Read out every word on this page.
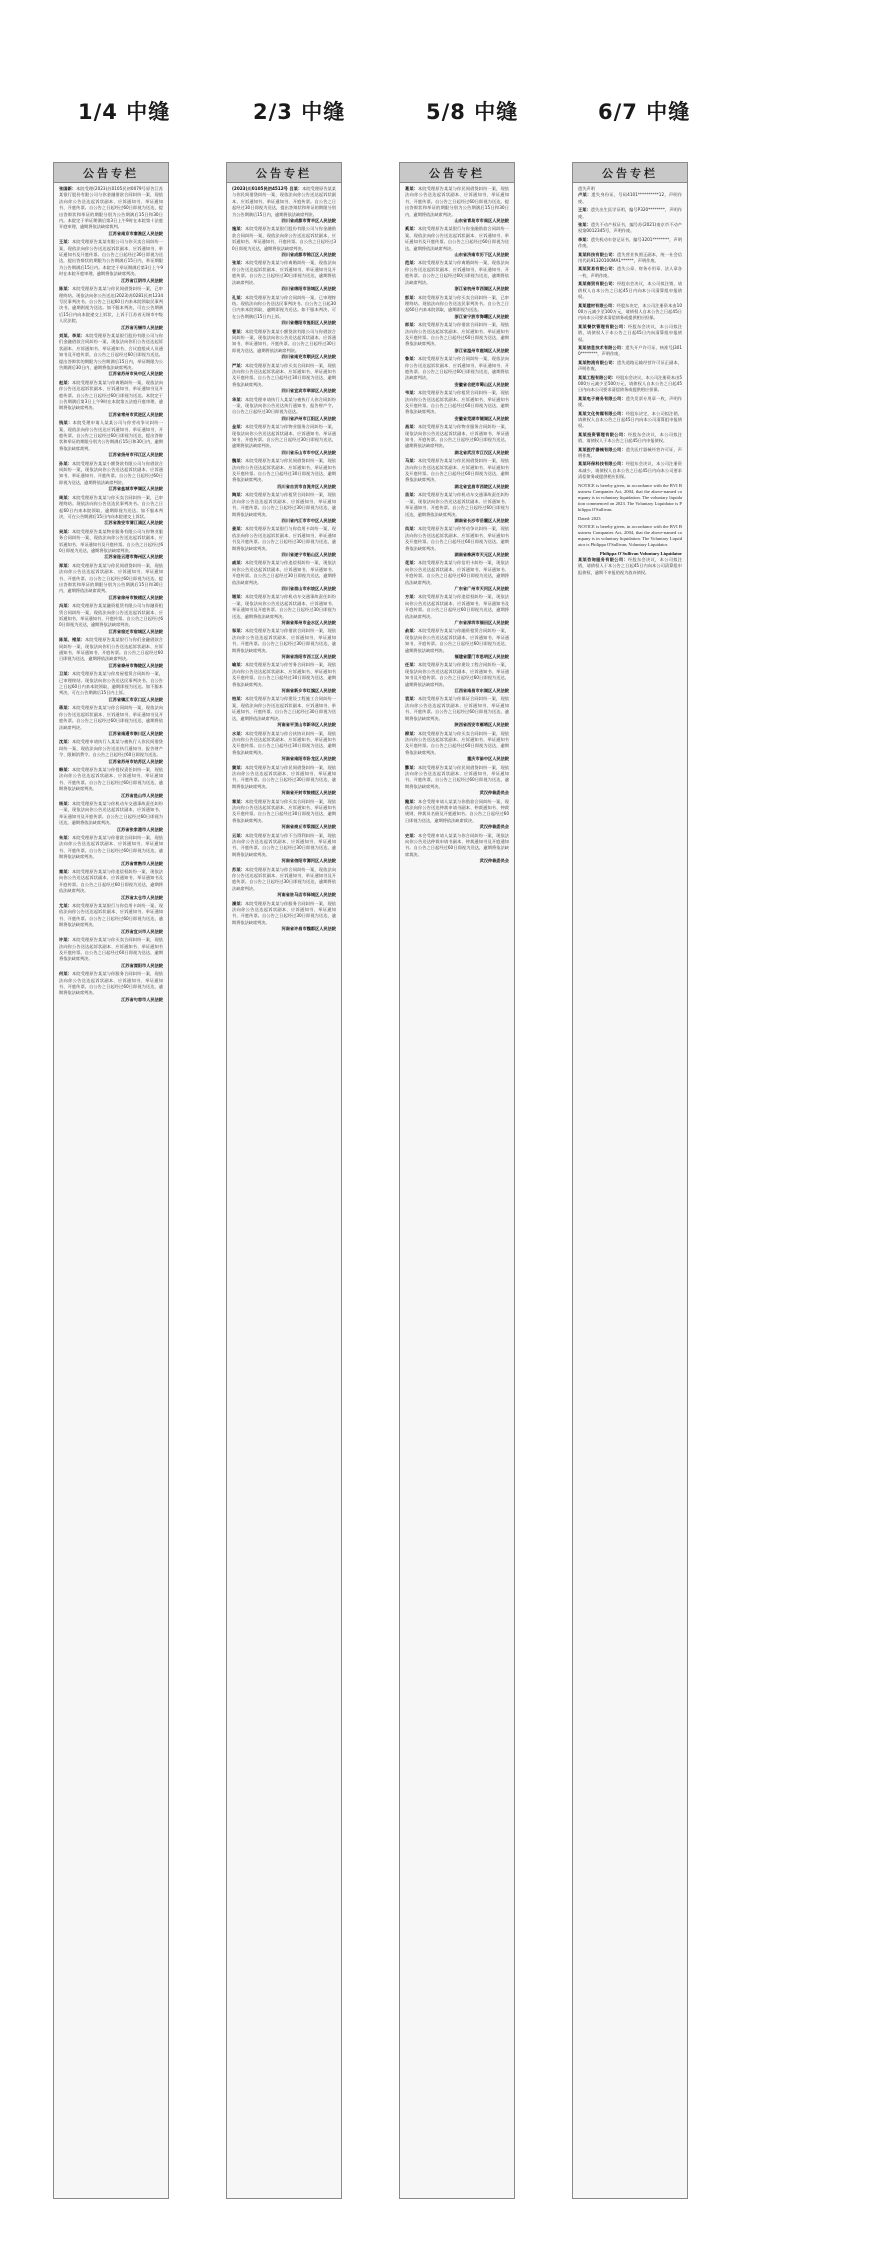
1/4 中缝	2/3 中缝	5/8 中缝	6/7 中缝
公告专栏
张国新：本院受理(2023)苏0105民初0079号原告江苏某银行股份有限公司与你金融借款合同纠纷一案，现依法向你公告送达起诉状副本、应诉通知书、举证通知书、开庭传票。自公告之日起经过60日即视为送达，提出答辩状和举证的期限分别为公告期满后15日和30日内。本院定于举证期满后第3日上午9时在本院第十法庭开庭审理，逾期将依法缺席裁判。
江苏省南京市秦淮区人民法院
王某：本院受理原告某某有限公司与你买卖合同纠纷一案，现依法向你公告送达起诉状副本、应诉通知书、举证通知书及开庭传票。自公告之日起经过30日即视为送达，提出答辩状的期限为公告期满后15日内，举证期限为公告期满后15日内。本院定于举证期满后第3日上午9时在本院开庭审理，逾期将依法缺席判决。
江苏省江阴市人民法院
陈某：本院受理原告某某与你民间借贷纠纷一案，已审理终结。现依法向你公告送达(2023)苏0281民初1234号民事判决书。自公告之日起60日内来本院领取民事判决书，逾期则视为送达。如不服本判决，可在公告期满后15日内向本院递交上诉状，上诉于江苏省无锡市中级人民法院。
江苏省无锡市人民法院
刘某、李某：本院受理原告某某银行股份有限公司与你们金融借款合同纠纷一案，现依法向你们公告送达起诉状副本、应诉通知书、举证通知书、合议庭组成人员通知书及开庭传票。自公告之日起经过60日即视为送达。提出答辩状的期限为公告期满后15日内，举证期限为公告期满后30日内，逾期将依法缺席判决。
江苏省苏州市吴中区人民法院
赵某：本院受理原告某某与你离婚纠纷一案，现依法向你公告送达起诉状副本、应诉通知书、举证通知书及开庭传票。自公告之日起经过60日即视为送达。本院定于公告期满后第3日上午9时在本院第五法庭开庭审理，逾期将依法缺席判决。
江苏省常州市武进区人民法院
钱某：本院受理申请人某某公司与你劳动争议纠纷一案，现依法向你公告送达应诉通知书、举证通知书、开庭传票。自公告之日起经过60日即视为送达，提出答辩状和举证的期限分别为公告期满后15日和30日内，逾期将依法缺席裁判。
江苏省扬州市邗江区人民法院
孙某：本院受理原告某某小额贷款有限公司与你借款合同纠纷一案，现依法向你公告送达起诉状副本、应诉通知书、举证通知书、开庭传票。自公告之日起经过60日即视为送达，逾期将依法缺席判决。
江苏省盐城市亭湖区人民法院
周某：本院受理原告某某与你买卖合同纠纷一案，已审理终结。现依法向你公告送达民事判决书。自公告之日起60日内来本院领取，逾期即视为送达。如不服本判决，可在公告期满后15日内向本院递交上诉状。
江苏省淮安市清江浦区人民法院
吴某：本院受理原告某某物业服务有限公司与你物业服务合同纠纷一案，现依法向你公告送达起诉状副本、应诉通知书、举证通知书及开庭传票。自公告之日起经过60日即视为送达，逾期将依法缺席判决。
江苏省连云港市海州区人民法院
郑某：本院受理原告某某与你民间借贷纠纷一案，现依法向你公告送达起诉状副本、应诉通知书、举证通知书、开庭传票。自公告之日起经过60日即视为送达，提出答辩状和举证的期限分别为公告期满后15日和30日内，逾期将依法缺席裁判。
江苏省徐州市鼓楼区人民法院
冯某：本院受理原告某某融资租赁有限公司与你融资租赁合同纠纷一案，现依法向你公告送达起诉状副本、应诉通知书、举证通知书、开庭传票。自公告之日起经过60日即视为送达，逾期将依法缺席判决。
江苏省宿迁市宿城区人民法院
陈某、褚某：本院受理原告某某银行与你们金融借款合同纠纷一案，现依法向你们公告送达起诉状副本、应诉通知书、举证通知书、开庭传票。自公告之日起经过60日即视为送达，逾期将依法缺席判决。
江苏省泰州市海陵区人民法院
卫某：本院受理原告某某与你房屋租赁合同纠纷一案，已审理终结。现依法向你公告送达民事判决书。自公告之日起60日内来本院领取，逾期即视为送达。如不服本判决，可在公告期满后15日内上诉。
江苏省镇江市京口区人民法院
蒋某：本院受理原告某某与你合同纠纷一案，现依法向你公告送达起诉状副本、应诉通知书、举证通知书及开庭传票。自公告之日起经过60日即视为送达，逾期将依法缺席判决。
江苏省南通市崇川区人民法院
沈某：本院受理申请执行人某某与被执行人你民间借贷纠纷一案，现依法向你公告送达执行通知书、报告财产令、限制消费令。自公告之日起经过60日即视为送达。
江苏省苏州市姑苏区人民法院
韩某：本院受理原告某某与你侵权责任纠纷一案，现依法向你公告送达起诉状副本、应诉通知书、举证通知书、开庭传票。自公告之日起经过60日即视为送达，逾期将依法缺席判决。
江苏省昆山市人民法院
杨某：本院受理原告某某与你机动车交通事故责任纠纷一案，现依法向你公告送达起诉状副本、应诉通知书、举证通知书及开庭传票。自公告之日起经过60日即视为送达，逾期将依法缺席判决。
江苏省张家港市人民法院
朱某：本院受理原告某某与你借款合同纠纷一案，现依法向你公告送达起诉状副本、应诉通知书、举证通知书、开庭传票。自公告之日起经过60日即视为送达，逾期将依法缺席判决。
江苏省常熟市人民法院
秦某：本院受理原告某某与你追偿权纠纷一案，现依法向你公告送达起诉状副本、应诉通知书、举证通知书及开庭传票。自公告之日起经过60日即视为送达，逾期将依法缺席判决。
江苏省太仓市人民法院
尤某：本院受理原告某某银行与你信用卡纠纷一案，现依法向你公告送达起诉状副本、应诉通知书、举证通知书、开庭传票。自公告之日起经过60日即视为送达，逾期将依法缺席判决。
江苏省宜兴市人民法院
许某：本院受理原告某某与你买卖合同纠纷一案，现依法向你公告送达起诉状副本、应诉通知书、举证通知书及开庭传票。自公告之日起经过60日即视为送达，逾期将依法缺席判决。
江苏省溧阳市人民法院
何某：本院受理原告某某与你服务合同纠纷一案，现依法向你公告送达起诉状副本、应诉通知书、举证通知书、开庭传票。自公告之日起经过60日即视为送达，逾期将依法缺席判决。
江苏省句容市人民法院
公告专栏
(2023)川0105民初4512号 吕某：本院受理原告某某与你民间借贷纠纷一案，现依法向你公告送达起诉状副本、应诉通知书、举证通知书、开庭传票。自公告之日起经过30日即视为送达，提出答辩状和举证的期限分别为公告期满后15日内，逾期将依法缺席判决。
四川省成都市青羊区人民法院
施某：本院受理原告某某银行股份有限公司与你金融借款合同纠纷一案，现依法向你公告送达起诉状副本、应诉通知书、举证通知书、开庭传票。自公告之日起经过30日即视为送达，逾期将依法缺席判决。
四川省成都市锦江区人民法院
张某：本院受理原告某某与你离婚纠纷一案，现依法向你公告送达起诉状副本、应诉通知书、举证通知书及开庭传票。自公告之日起经过30日即视为送达，逾期将依法缺席判决。
四川省绵阳市涪城区人民法院
孔某：本院受理原告某某与你合同纠纷一案，已审理终结。现依法向你公告送达民事判决书。自公告之日起30日内来本院领取，逾期即视为送达。如不服本判决，可在公告期满后15日内上诉。
四川省德阳市旌阳区人民法院
曹某：本院受理原告某某小额贷款有限公司与你借款合同纠纷一案，现依法向你公告送达起诉状副本、应诉通知书、举证通知书、开庭传票。自公告之日起经过30日即视为送达，逾期将依法缺席判决。
四川省南充市顺庆区人民法院
严某：本院受理原告某某与你买卖合同纠纷一案，现依法向你公告送达起诉状副本、应诉通知书、举证通知书及开庭传票。自公告之日起经过30日即视为送达，逾期将依法缺席判决。
四川省宜宾市翠屏区人民法院
华某：本院受理申请执行人某某与被执行人你合同纠纷一案，现依法向你公告送达执行通知书、报告财产令。自公告之日起经过30日即视为送达。
四川省泸州市江阳区人民法院
金某：本院受理原告某某与你物业服务合同纠纷一案，现依法向你公告送达起诉状副本、应诉通知书、举证通知书、开庭传票。自公告之日起经过30日即视为送达，逾期将依法缺席判决。
四川省乐山市市中区人民法院
魏某：本院受理原告某某与你民间借贷纠纷一案，现依法向你公告送达起诉状副本、应诉通知书、举证通知书及开庭传票。自公告之日起经过30日即视为送达，逾期将依法缺席判决。
四川省自贡市自流井区人民法院
陶某：本院受理原告某某与你租赁合同纠纷一案，现依法向你公告送达起诉状副本、应诉通知书、举证通知书、开庭传票。自公告之日起经过30日即视为送达，逾期将依法缺席判决。
四川省内江市市中区人民法院
姜某：本院受理原告某某银行与你信用卡纠纷一案，现依法向你公告送达起诉状副本、应诉通知书、举证通知书及开庭传票。自公告之日起经过30日即视为送达，逾期将依法缺席判决。
四川省遂宁市船山区人民法院
戚某：本院受理原告某某与你追偿权纠纷一案，现依法向你公告送达起诉状副本、应诉通知书、举证通知书、开庭传票。自公告之日起经过30日即视为送达，逾期将依法缺席判决。
四川省眉山市东坡区人民法院
谢某：本院受理原告某某与你机动车交通事故责任纠纷一案，现依法向你公告送达起诉状副本、应诉通知书、举证通知书及开庭传票。自公告之日起经过30日即视为送达，逾期将依法缺席判决。
河南省郑州市金水区人民法院
邹某：本院受理原告某某与你借款合同纠纷一案，现依法向你公告送达起诉状副本、应诉通知书、举证通知书、开庭传票。自公告之日起经过30日即视为送达，逾期将依法缺席判决。
河南省洛阳市西工区人民法院
喻某：本院受理原告某某与你劳务合同纠纷一案，现依法向你公告送达起诉状副本、应诉通知书、举证通知书及开庭传票。自公告之日起经过30日即视为送达，逾期将依法缺席判决。
河南省新乡市红旗区人民法院
柏某：本院受理原告某某与你建设工程施工合同纠纷一案，现依法向你公告送达起诉状副本、应诉通知书、举证通知书、开庭传票。自公告之日起经过30日即视为送达，逾期将依法缺席判决。
河南省平顶山市新华区人民法院
水某：本院受理原告某某与你合伙协议纠纷一案，现依法向你公告送达起诉状副本、应诉通知书、举证通知书及开庭传票。自公告之日起经过30日即视为送达，逾期将依法缺席判决。
河南省南阳市卧龙区人民法院
窦某：本院受理原告某某与你民间借贷纠纷一案，现依法向你公告送达起诉状副本、应诉通知书、举证通知书、开庭传票。自公告之日起经过30日即视为送达，逾期将依法缺席判决。
河南省开封市鼓楼区人民法院
章某：本院受理原告某某与你买卖合同纠纷一案，现依法向你公告送达起诉状副本、应诉通知书、举证通知书及开庭传票。自公告之日起经过30日即视为送达，逾期将依法缺席判决。
河南省商丘市梁园区人民法院
云某：本院受理原告某某与你不当得利纠纷一案，现依法向你公告送达起诉状副本、应诉通知书、举证通知书、开庭传票。自公告之日起经过30日即视为送达，逾期将依法缺席判决。
河南省信阳市浉河区人民法院
苏某：本院受理原告某某与你合同纠纷一案，现依法向你公告送达起诉状副本、应诉通知书、举证通知书及开庭传票。自公告之日起经过30日即视为送达，逾期将依法缺席判决。
河南省驻马店市驿城区人民法院
潘某：本院受理原告某某与你服务合同纠纷一案，现依法向你公告送达起诉状副本、应诉通知书、举证通知书、开庭传票。自公告之日起经过30日即视为送达，逾期将依法缺席判决。
河南省许昌市魏都区人民法院
公告专栏
葛某：本院受理原告某某与你民间借贷纠纷一案，现依法向你公告送达起诉状副本、应诉通知书、举证通知书、开庭传票。自公告之日起经过60日即视为送达，提出答辩状和举证的期限分别为公告期满后15日和30日内，逾期将依法缺席判决。
山东省青岛市市南区人民法院
奚某：本院受理原告某某银行与你金融借款合同纠纷一案，现依法向你公告送达起诉状副本、应诉通知书、举证通知书及开庭传票。自公告之日起经过60日即视为送达，逾期将依法缺席判决。
山东省济南市历下区人民法院
范某：本院受理原告某某与你离婚纠纷一案，现依法向你公告送达起诉状副本、应诉通知书、举证通知书、开庭传票。自公告之日起经过60日即视为送达，逾期将依法缺席判决。
浙江省杭州市西湖区人民法院
彭某：本院受理原告某某与你买卖合同纠纷一案，已审理终结。现依法向你公告送达民事判决书。自公告之日起60日内来本院领取，逾期即视为送达。
浙江省宁波市海曙区人民法院
郎某：本院受理原告某某与你借款合同纠纷一案，现依法向你公告送达起诉状副本、应诉通知书、举证通知书及开庭传票。自公告之日起经过60日即视为送达，逾期将依法缺席判决。
浙江省温州市鹿城区人民法院
鲁某：本院受理原告某某与你合同纠纷一案，现依法向你公告送达起诉状副本、应诉通知书、举证通知书、开庭传票。自公告之日起经过60日即视为送达，逾期将依法缺席判决。
安徽省合肥市蜀山区人民法院
韦某：本院受理原告某某与你租赁合同纠纷一案，现依法向你公告送达起诉状副本、应诉通知书、举证通知书及开庭传票。自公告之日起经过60日即视为送达，逾期将依法缺席判决。
安徽省芜湖市镜湖区人民法院
昌某：本院受理原告某某与你物业服务合同纠纷一案，现依法向你公告送达起诉状副本、应诉通知书、举证通知书、开庭传票。自公告之日起经过60日即视为送达，逾期将依法缺席判决。
湖北省武汉市江汉区人民法院
马某：本院受理原告某某与你民间借贷纠纷一案，现依法向你公告送达起诉状副本、应诉通知书、举证通知书及开庭传票。自公告之日起经过60日即视为送达，逾期将依法缺席判决。
湖北省宜昌市西陵区人民法院
苗某：本院受理原告某某与你机动车交通事故责任纠纷一案，现依法向你公告送达起诉状副本、应诉通知书、举证通知书、开庭传票。自公告之日起经过60日即视为送达，逾期将依法缺席判决。
湖南省长沙市岳麓区人民法院
凤某：本院受理原告某某与你劳动争议纠纷一案，现依法向你公告送达起诉状副本、应诉通知书、举证通知书及开庭传票。自公告之日起经过60日即视为送达，逾期将依法缺席判决。
湖南省株洲市天元区人民法院
花某：本院受理原告某某与你信用卡纠纷一案，现依法向你公告送达起诉状副本、应诉通知书、举证通知书、开庭传票。自公告之日起经过60日即视为送达，逾期将依法缺席判决。
广东省广州市天河区人民法院
方某：本院受理原告某某与你追偿权纠纷一案，现依法向你公告送达起诉状副本、应诉通知书、举证通知书及开庭传票。自公告之日起经过60日即视为送达，逾期将依法缺席判决。
广东省深圳市福田区人民法院
俞某：本院受理原告某某与你融资租赁合同纠纷一案，现依法向你公告送达起诉状副本、应诉通知书、举证通知书、开庭传票。自公告之日起经过60日即视为送达，逾期将依法缺席判决。
福建省厦门市思明区人民法院
任某：本院受理原告某某与你建设工程合同纠纷一案，现依法向你公告送达起诉状副本、应诉通知书、举证通知书及开庭传票。自公告之日起经过60日即视为送达，逾期将依法缺席判决。
江西省南昌市东湖区人民法院
袁某：本院受理原告某某与你保证合同纠纷一案，现依法向你公告送达起诉状副本、应诉通知书、举证通知书、开庭传票。自公告之日起经过60日即视为送达，逾期将依法缺席判决。
陕西省西安市雁塔区人民法院
柳某：本院受理原告某某与你买卖合同纠纷一案，现依法向你公告送达起诉状副本、应诉通知书、举证通知书及开庭传票。自公告之日起经过60日即视为送达，逾期将依法缺席判决。
重庆市渝中区人民法院
酆某：本院受理原告某某与你民间借贷纠纷一案，现依法向你公告送达起诉状副本、应诉通知书、举证通知书、开庭传票。自公告之日起经过60日即视为送达，逾期将依法缺席判决。
武汉仲裁委员会
鲍某：本会受理申请人某某与你借款合同纠纷一案，现依法向你公告送达仲裁申请书副本、仲裁通知书、仲裁规则、仲裁员名册及开庭通知书。自公告之日起经过60日即视为送达，逾期将依法缺席裁决。
武汉仲裁委员会
史某：本会受理申请人某某与你合同纠纷一案，现依法向你公告送达仲裁申请书副本、仲裁通知书及开庭通知书。自公告之日起经过60日即视为送达，逾期将依法缺席裁决。
武汉仲裁委员会
公告专栏
遗失声明
卢某：遗失身份证，号码4101**********12，声明作废。
王某：遗失出生医学证明，编号P320********，声明作废。
张某：遗失不动产权证书，编号苏(2021)南京市不动产权第0012345号，声明作废。
李某：遗失机动车登记证书，编号3201********，声明作废。
某某科技有限公司：遗失营业执照正副本，统一社会信用代码91320100MA1******，声明作废。
某某贸易有限公司：遗失公章、财务专用章、法人章各一枚，声明作废。
某某商贸有限公司：经股东会决议，本公司拟注销，请债权人自本公告之日起45日内向本公司清算组申报债权。
某某建材有限公司：经股东决定，本公司注册资本由1000万元减少至100万元，请债权人自本公告之日起45日内向本公司要求清偿债务或提供相应担保。
某某餐饮管理有限公司：经股东会决议，本公司拟注销，请债权人于本公告之日起45日内向清算组申报债权。
某某信息技术有限公司：遗失开户许可证，核准号J3010********，声明作废。
某某物流有限公司：遗失道路运输经营许可证正副本，声明作废。
某某工程有限公司：经股东会决议，本公司注册资本由5000万元减少至500万元，请债权人自本公告之日起45日内向本公司要求清偿债务或提供相应担保。
某某电子商务有限公司：遗失发票专用章一枚，声明作废。
某某文化传媒有限公司：经股东决定，本公司拟注销，请债权人自本公告之日起45日内向本公司清算组申报债权。
某某投资管理有限公司：经股东会决议，本公司拟注销，请债权人于本公告之日起45日内申报债权。
某某医疗器械有限公司：遗失医疗器械经营许可证，声明作废。
某某环保科技有限公司：经股东会决议，本公司注册资本减少，请债权人自本公告之日起45日内向本公司要求清偿债务或提供相应担保。
NOTICE is hereby given, in accordance with the BVI Business Companies Act, 2004, that the above-named company is in voluntary liquidation. The voluntary liquidation commenced on 2023. The Voluntary Liquidator is Philippa O'Sullivan.
Dated: 2023
NOTICE is hereby given, in accordance with the BVI Business Companies Act, 2004, that the above-named company is in voluntary liquidation. The Voluntary Liquidator is Philippa O'Sullivan, Voluntary Liquidator.
Philippa O'Sullivan Voluntary Liquidator
某某咨询服务有限公司：经股东会决议，本公司拟注销，请债权人于本公告之日起45日内向本公司清算组申报债权，逾期不申报的视为放弃债权。
